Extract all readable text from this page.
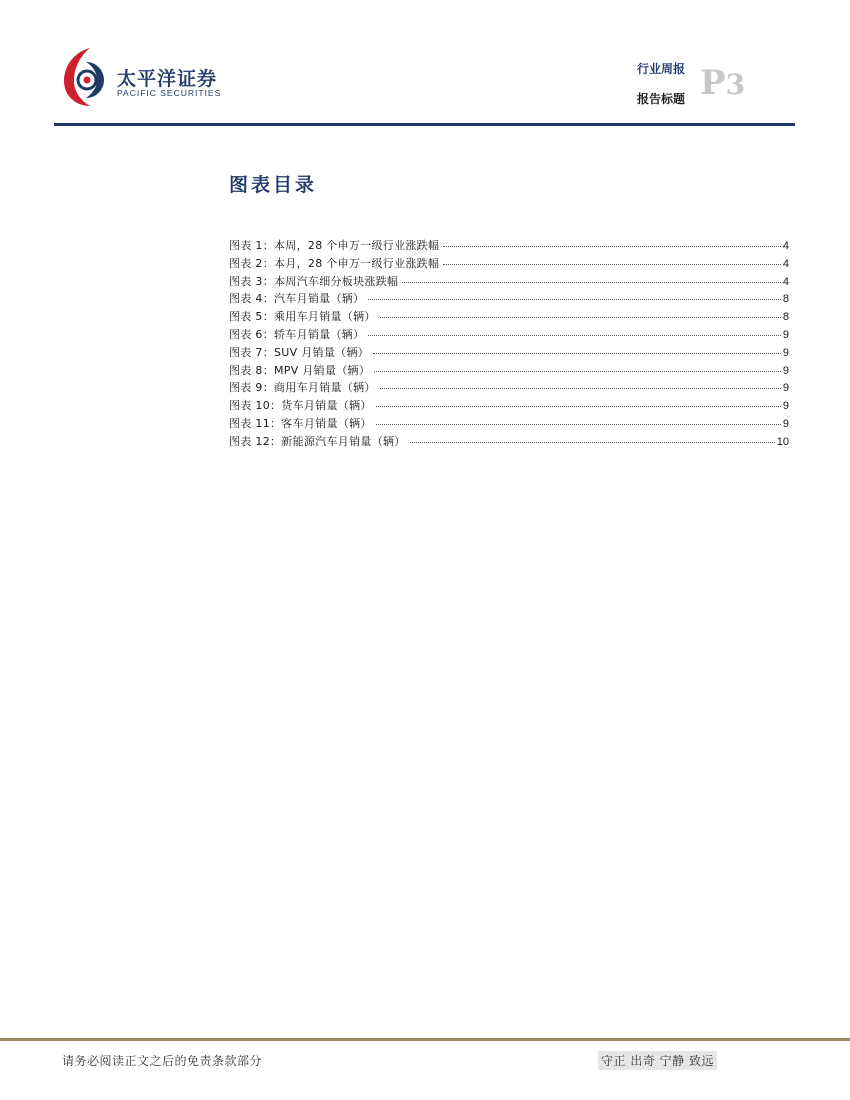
太平洋证券
PACIFIC SECURITIES
行业周报
报告标题 P3
图表目录
图表 1：本周，28 个申万一级行业涨跌幅	4
图表 2：本月，28 个申万一级行业涨跌幅	4
图表 3：本周汽车细分板块涨跌幅	4
图表 4：汽车月销量（辆）	8
图表 5：乘用车月销量（辆）	8
图表 6：轿车月销量（辆）	9
图表 7：SUV 月销量（辆）	9
图表 8：MPV 月销量（辆）	9
图表 9：商用车月销量（辆）	9
图表 10：货车月销量（辆）	9
图表 11：客车月销量（辆）	9
图表 12：新能源汽车月销量（辆）	10
请务必阅读正文之后的免责条款部分	守正 出奇 宁静 致远
